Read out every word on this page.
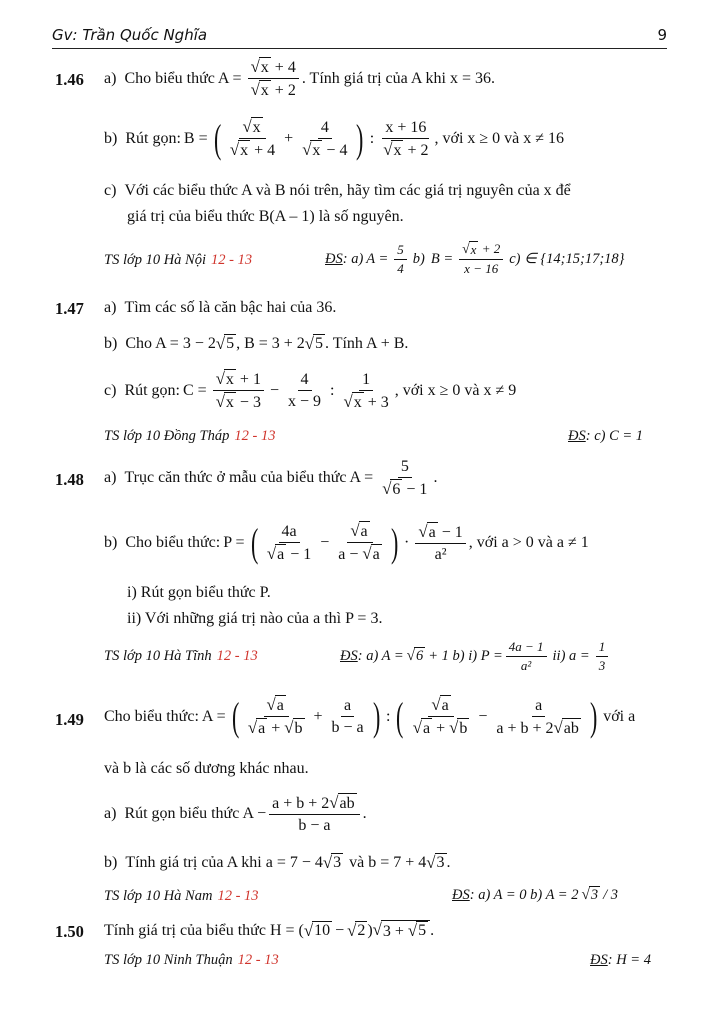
Gv: Trần Quốc Nghĩa	9
1.46 a) Cho biểu thức $A = \frac{√ x + 4}{√ x + 2}$ . Tính giá trị của A khi x = 36.
b) Rút gọn: B = ( $\frac{√ x}{√ x + 4} + \frac{4}{√ x - 4}$ ) : $\frac{x + 16}{√ x + 2}$ , với x ≥ 0 và x ≠ 16
c) Với các biểu thức A và B nói trên, hãy tìm các giá trị nguyên của x để
giá trị của biểu thức B(A – 1) là số nguyên.
TS lớp 10 Hà Nội 12 - 13	ĐS : a) $A = \frac{5}{4} b$) $B = \frac{√ x + 2}{x - 16} c$) ∈ {14;15;17;18}
1.47 a) Tìm các số là căn bậc hai của 36.
b) Cho A = 3 − 2 √ 5 , B = 3 + 2 √ 5 . Tính A + B.
c) Rút gọn: $C = \frac{√ x + 1}{√ x - 3} - \frac{4}{x - 9}$ : $\frac{1}{√ x + 3}$ , với x ≥ 0 và x ≠ 9
TS lớp 10 Đồng Tháp 12 - 13	ĐS : c) C = 1
1.48 a) Trục căn thức ở mẫu của biểu thức $A = \frac{5}{√ 6 - 1}$ .
b) Cho biểu thức: P = ( $\frac{4a}{√ a - 1} - \frac{√ a}{a - √ a}$ ) · $\frac{√ a - 1}{\text{a²}}$ , với a > 0 và a ≠ 1
i) Rút gọn biểu thức P.
ii) Với những giá trị nào của a thì P = 3.
TS lớp 10 Hà Tĩnh 12 - 13	ĐS : a) A = √ 6 + 1 b) i) $P = \frac{4a - 1}{\text{a²}} ii$) $a = \frac{1}{3}$
1.49 Cho biểu thức: A = ( $\frac{√ a}{√ a + √ b} + \frac{a}{b - a}$ ) : ( $\frac{√ a}{√ a + √ b} - \frac{a}{a + b + 2 √ ab}$ ) với a
và b là các số dương khác nhau.
a) Rút gọn biểu thức $A - \frac{a + b + 2 √ ab}{b - a}$ .
b) Tính giá trị của A khi a = 7 − 4 √ 3 và b = 7 + 4 √ 3 .
TS lớp 10 Hà Nam 12 - 13	ĐS : a) A = 0 b) A = 2 √ 3 / 3
1.50 Tính giá trị của biểu thức H = ( √ 10 − √ 2 ) √ 3 + √ 5 .
TS lớp 10 Ninh Thuận 12 - 13	ĐS : H = 4
